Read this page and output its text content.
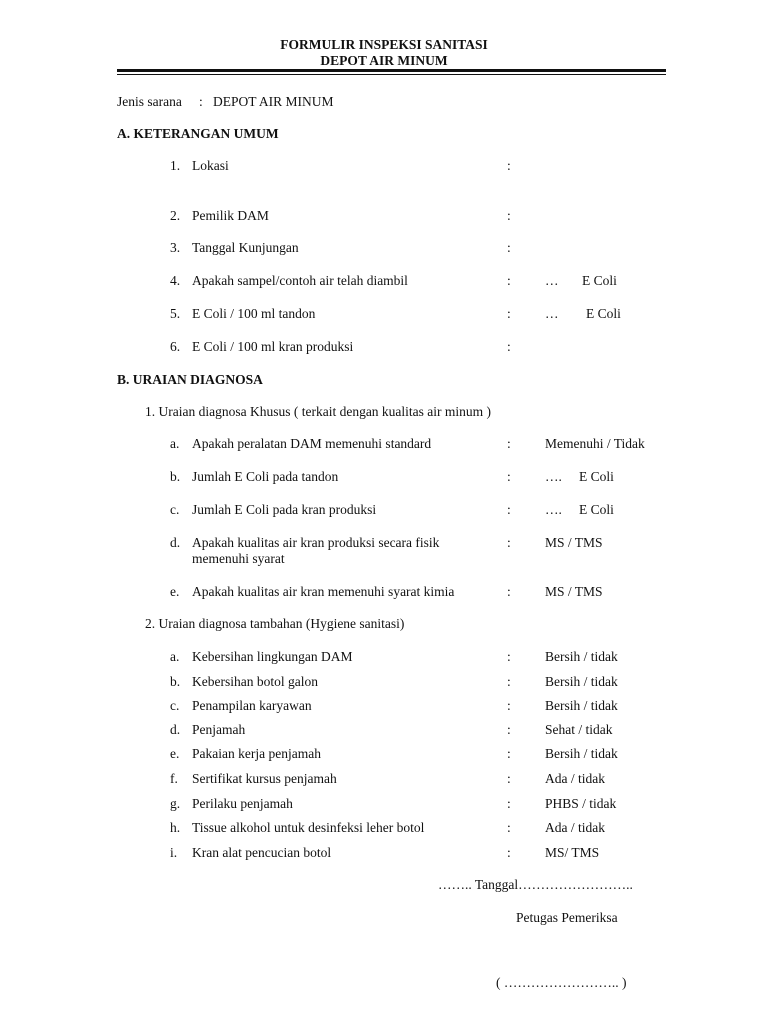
FORMULIR INSPEKSI SANITASI
DEPOT AIR MINUM
Jenis sarana : DEPOT AIR MINUM
A. KETERANGAN UMUM
1. Lokasi	:
2. Pemilik DAM	:
3. Tanggal Kunjungan	:
4. Apakah sampel/contoh air telah diambil	:	… E Coli
5. E Coli / 100 ml tandon	:	… E Coli
6. E Coli / 100 ml kran produksi	:
B. URAIAN DIAGNOSA
1. Uraian diagnosa Khusus ( terkait dengan kualitas air minum )
a. Apakah peralatan DAM memenuhi standard	:	Memenuhi / Tidak
b. Jumlah E Coli pada tandon	:	…. E Coli
c. Jumlah E Coli pada kran produksi	:	…. E Coli
d. Apakah kualitas air kran produksi secara fisik
memenuhi syarat
:	MS / TMS
e. Apakah kualitas air kran memenuhi syarat kimia	:	MS / TMS
2. Uraian diagnosa tambahan (Hygiene sanitasi)
a. Kebersihan lingkungan DAM	:	Bersih / tidak
b. Kebersihan botol galon	:	Bersih / tidak
c. Penampilan karyawan	:	Bersih / tidak
d. Penjamah	:	Sehat / tidak
e. Pakaian kerja penjamah	:	Bersih / tidak
f. Sertifikat kursus penjamah	:	Ada / tidak
g. Perilaku penjamah	:	PHBS / tidak
h. Tissue alkohol untuk desinfeksi leher botol	:	Ada / tidak
i. Kran alat pencucian botol	:	MS/ TMS
…….. Tanggal……………………..
Petugas Pemeriksa
( …………………….. )
